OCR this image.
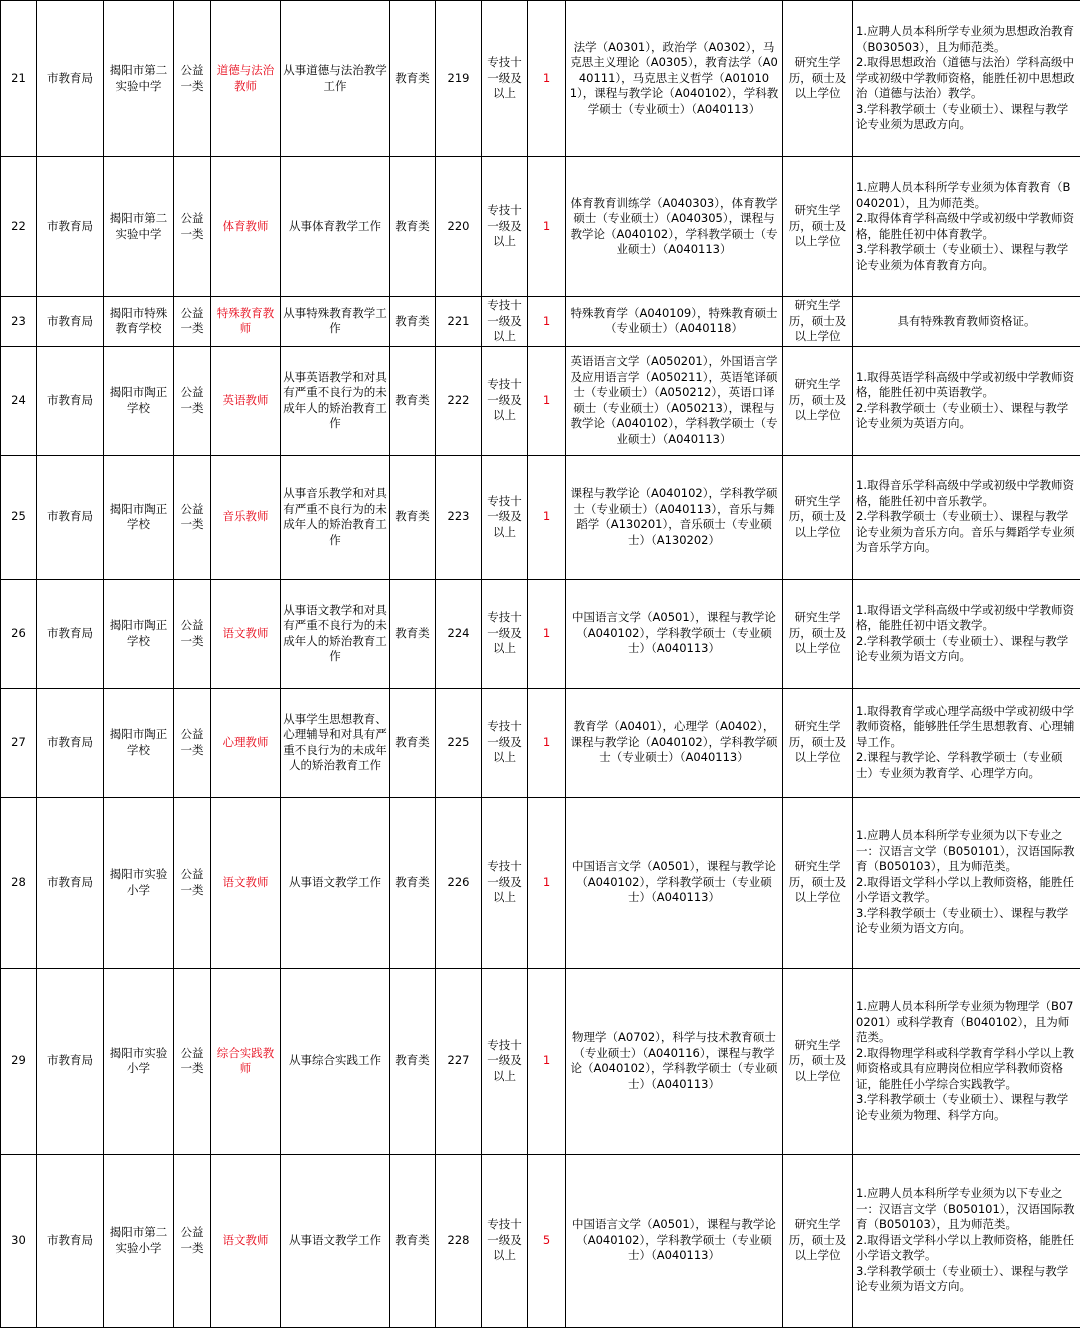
21	市教育局	揭阳市第二实验中学	公益一类	道德与法治教师	从事道德与法治教学工作	教育类	219	专技十一级及以上	1	法学（A0301），政治学（A0302），马克思主义理论（A0305），教育法学（A040111），马克思主义哲学（A010101），课程与教学论（A040102），学科教学硕士（专业硕士）（A040113）	研究生学历，硕士及以上学位	1.应聘人员本科所学专业须为思想政治教育（B030503），且为师范类。
2.取得思想政治（道德与法治）学科高级中学或初级中学教师资格，能胜任初中思想政治（道德与法治）教学。
3.学科教学硕士（专业硕士）、课程与教学论专业须为思政方向。

22	市教育局	揭阳市第二实验中学	公益一类	体育教师	从事体育教学工作	教育类	220	专技十一级及以上	1	体育教育训练学（A040303），体育教学硕士（专业硕士）（A040305），课程与教学论（A040102），学科教学硕士（专业硕士）（A040113）	研究生学历，硕士及以上学位	1.应聘人员本科所学专业须为体育教育（B040201），且为师范类。
2.取得体育学科高级中学或初级中学教师资格，能胜任初中体育教学。
3.学科教学硕士（专业硕士）、课程与教学论专业须为体育教育方向。

23	市教育局	揭阳市特殊教育学校	公益一类	特殊教育教师	从事特殊教育教学工作	教育类	221	专技十一级及以上	1	特殊教育学（A040109），特殊教育硕士（专业硕士）（A040118）	研究生学历，硕士及以上学位	具有特殊教育教师资格证。

24	市教育局	揭阳市陶正学校	公益一类	英语教师	从事英语教学和对具有严重不良行为的未成年人的矫治教育工作	教育类	222	专技十一级及以上	1	英语语言文学（A050201），外国语言学及应用语言学（A050211），英语笔译硕士（专业硕士）（A050212），英语口译硕士（专业硕士）（A050213），课程与教学论（A040102），学科教学硕士（专业硕士）（A040113）	研究生学历，硕士及以上学位	1.取得英语学科高级中学或初级中学教师资格，能胜任初中英语教学。
2.学科教学硕士（专业硕士）、课程与教学论专业须为英语方向。

25	市教育局	揭阳市陶正学校	公益一类	音乐教师	从事音乐教学和对具有严重不良行为的未成年人的矫治教育工作	教育类	223	专技十一级及以上	1	课程与教学论（A040102），学科教学硕士（专业硕士）（A040113），音乐与舞蹈学（A130201），音乐硕士（专业硕士）（A130202）	研究生学历，硕士及以上学位	1.取得音乐学科高级中学或初级中学教师资格，能胜任初中音乐教学。
2.学科教学硕士（专业硕士）、课程与教学论专业须为音乐方向。音乐与舞蹈学专业须为音乐学方向。

26	市教育局	揭阳市陶正学校	公益一类	语文教师	从事语文教学和对具有严重不良行为的未成年人的矫治教育工作	教育类	224	专技十一级及以上	1	中国语言文学（A0501），课程与教学论（A040102），学科教学硕士（专业硕士）（A040113）	研究生学历，硕士及以上学位	1.取得语文学科高级中学或初级中学教师资格，能胜任初中语文教学。
2.学科教学硕士（专业硕士）、课程与教学论专业须为语文方向。

27	市教育局	揭阳市陶正学校	公益一类	心理教师	从事学生思想教育、心理辅导和对具有严重不良行为的未成年人的矫治教育工作	教育类	225	专技十一级及以上	1	教育学（A0401），心理学（A0402），课程与教学论（A040102），学科教学硕士（专业硕士）（A040113）	研究生学历，硕士及以上学位	1.取得教育学或心理学高级中学或初级中学教师资格，能够胜任学生思想教育、心理辅导工作。
2.课程与教学论、学科教学硕士（专业硕士）专业须为教育学、心理学方向。

28	市教育局	揭阳市实验小学	公益一类	语文教师	从事语文教学工作	教育类	226	专技十一级及以上	1	中国语言文学（A0501），课程与教学论（A040102），学科教学硕士（专业硕士）（A040113）	研究生学历，硕士及以上学位	1.应聘人员本科所学专业须为以下专业之一：汉语言文学（B050101），汉语国际教育（B050103），且为师范类。
2.取得语文学科小学以上教师资格，能胜任小学语文教学。
3.学科教学硕士（专业硕士）、课程与教学论专业须为语文方向。

29	市教育局	揭阳市实验小学	公益一类	综合实践教师	从事综合实践工作	教育类	227	专技十一级及以上	1	物理学（A0702），科学与技术教育硕士（专业硕士）（A040116），课程与教学论（A040102），学科教学硕士（专业硕士）（A040113）	研究生学历，硕士及以上学位	1.应聘人员本科所学专业须为物理学（B070201）或科学教育（B040102），且为师范类。
2.取得物理学科或科学教育学科小学以上教师资格或具有应聘岗位相应学科教师资格证，能胜任小学综合实践教学。
3.学科教学硕士（专业硕士）、课程与教学论专业须为物理、科学方向。

30	市教育局	揭阳市第二实验小学	公益一类	语文教师	从事语文教学工作	教育类	228	专技十一级及以上	5	中国语言文学（A0501），课程与教学论（A040102），学科教学硕士（专业硕士）（A040113）	研究生学历，硕士及以上学位	1.应聘人员本科所学专业须为以下专业之一：汉语言文学（B050101），汉语国际教育（B050103），且为师范类。
2.取得语文学科小学以上教师资格，能胜任小学语文教学。
3.学科教学硕士（专业硕士）、课程与教学论专业须为语文方向。
